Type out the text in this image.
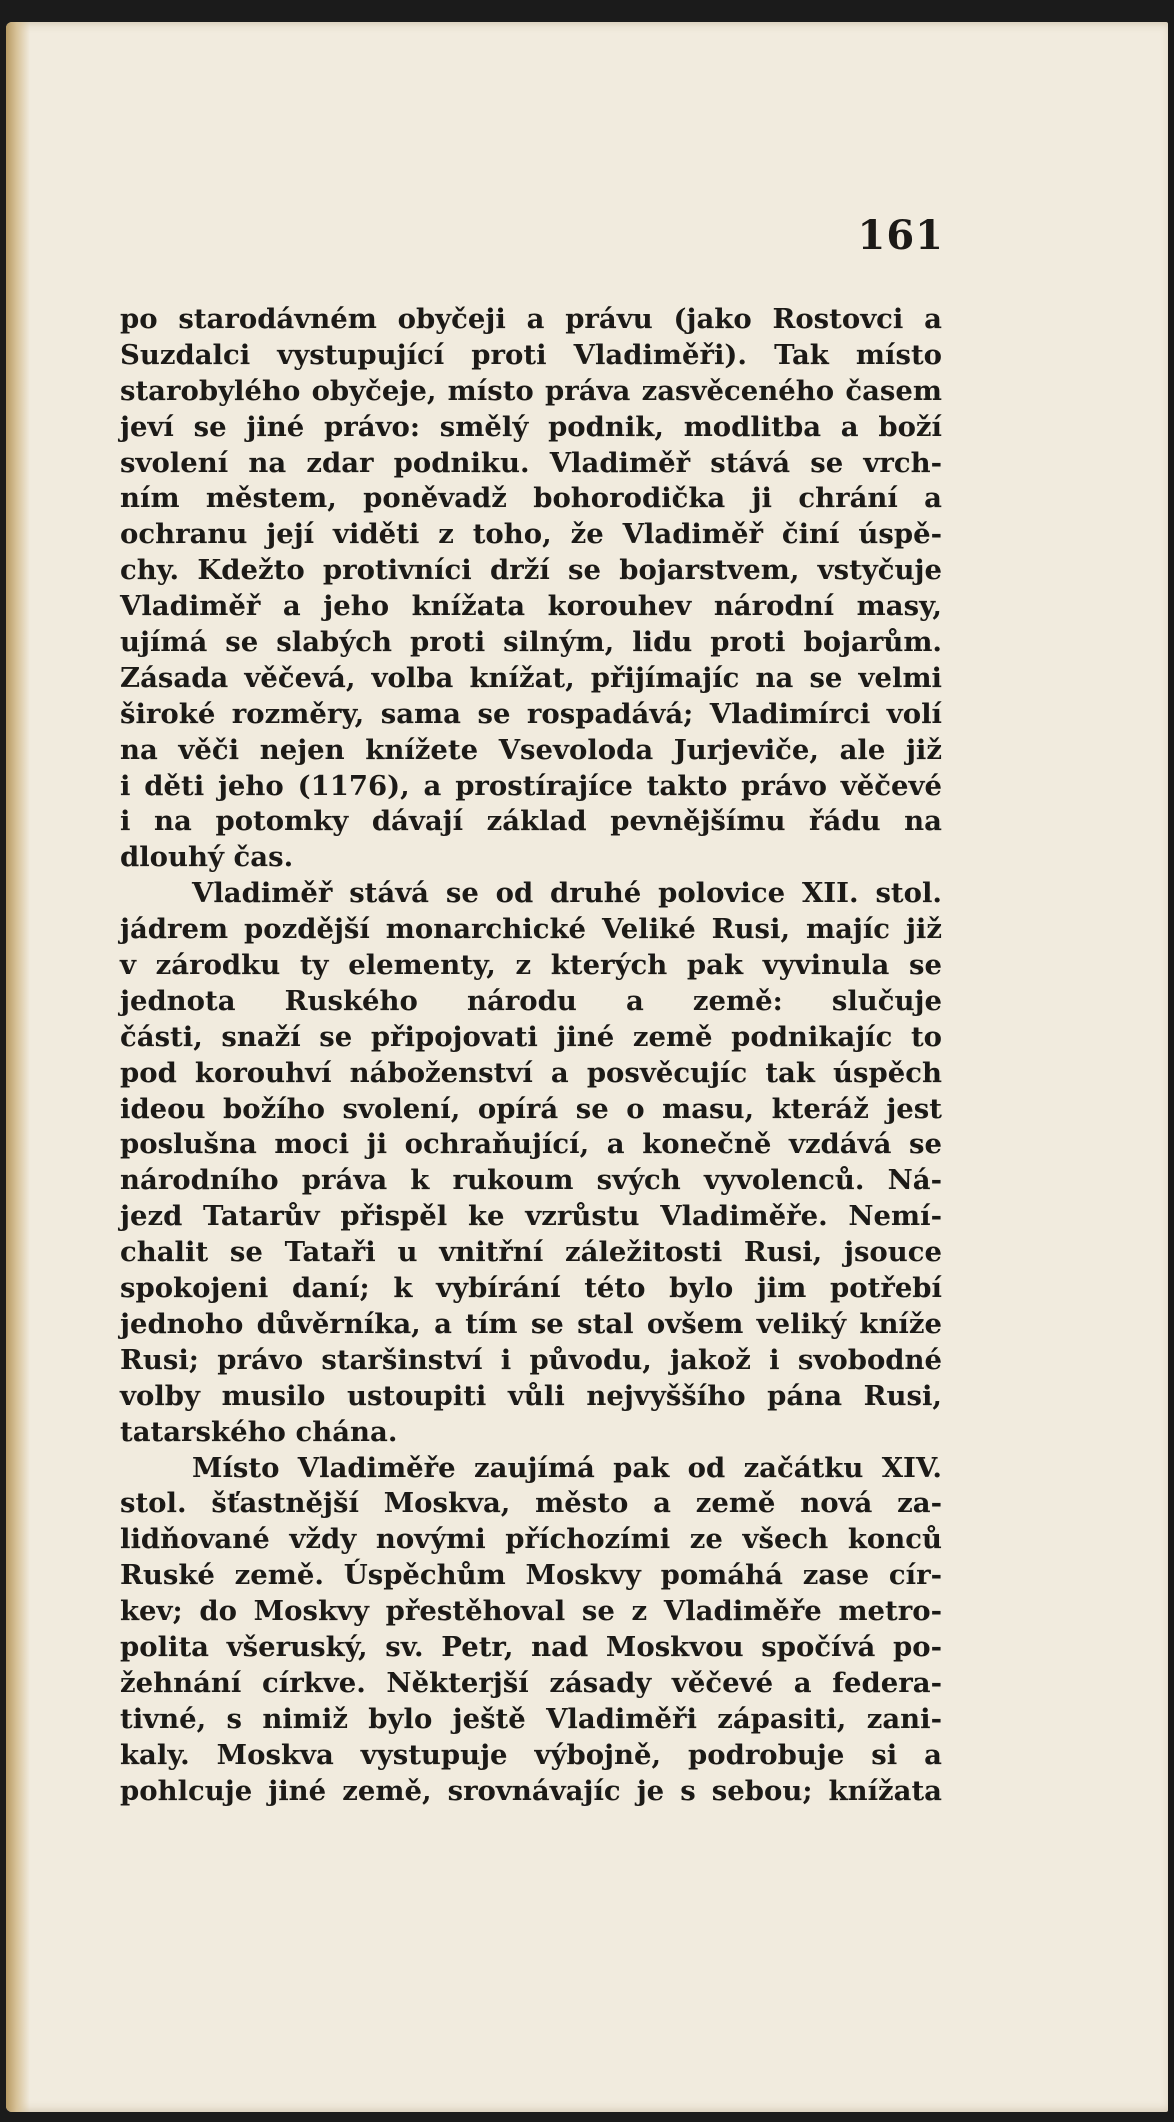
161
po starodávném obyčeji a právu (jako Rostovci a
Suzdalci vystupující proti Vladiměři). Tak místo
starobylého obyčeje, místo práva zasvěceného časem
jeví se jiné právo: smělý podnik, modlitba a boží
svolení na zdar podniku. Vladiměř stává se vrch-
ním městem, poněvadž bohorodička ji chrání a
ochranu její viděti z toho, že Vladiměř činí úspě-
chy. Kdežto protivníci drží se bojarstvem, vstyčuje
Vladiměř a jeho knížata korouhev národní masy,
ujímá se slabých proti silným, lidu proti bojarům.
Zásada věčevá, volba knížat, přijímajíc na se velmi
široké rozměry, sama se rospadává; Vladimírci volí
na věči nejen knížete Vsevoloda Jurjeviče, ale již
i děti jeho (1176), a prostírajíce takto právo věčevé
i na potomky dávají základ pevnějšímu řádu na
dlouhý čas.
Vladiměř stává se od druhé polovice XII. stol.
jádrem pozdější monarchické Veliké Rusi, majíc již
v zárodku ty elementy, z kterých pak vyvinula se
jednota Ruského národu a země: slučuje
části, snaží se připojovati jiné země podnikajíc to
pod korouhví náboženství a posvěcujíc tak úspěch
ideou božího svolení, opírá se o masu, kteráž jest
poslušna moci ji ochraňující, a konečně vzdává se
národního práva k rukoum svých vyvolenců. Ná-
jezd Tatarův přispěl ke vzrůstu Vladiměře. Nemí-
chalit se Tataři u vnitřní záležitosti Rusi, jsouce
spokojeni daní; k vybírání této bylo jim potřebí
jednoho důvěrníka, a tím se stal ovšem veliký kníže
Rusi; právo staršinství i původu, jakož i svobodné
volby musilo ustoupiti vůli nejvyššího pána Rusi,
tatarského chána.
Místo Vladiměře zaujímá pak od začátku XIV.
stol. šťastnější Moskva, město a země nová za-
lidňované vždy novými příchozími ze všech konců
Ruské země. Úspěchům Moskvy pomáhá zase cír-
kev; do Moskvy přestěhoval se z Vladiměře metro-
polita všeruský, sv. Petr, nad Moskvou spočívá po-
žehnání církve. Některjší zásady věčevé a federa-
tivné, s nimiž bylo ještě Vladiměři zápasiti, zani-
kaly. Moskva vystupuje výbojně, podrobuje si a
pohlcuje jiné země, srovnávajíc je s sebou; knížata
